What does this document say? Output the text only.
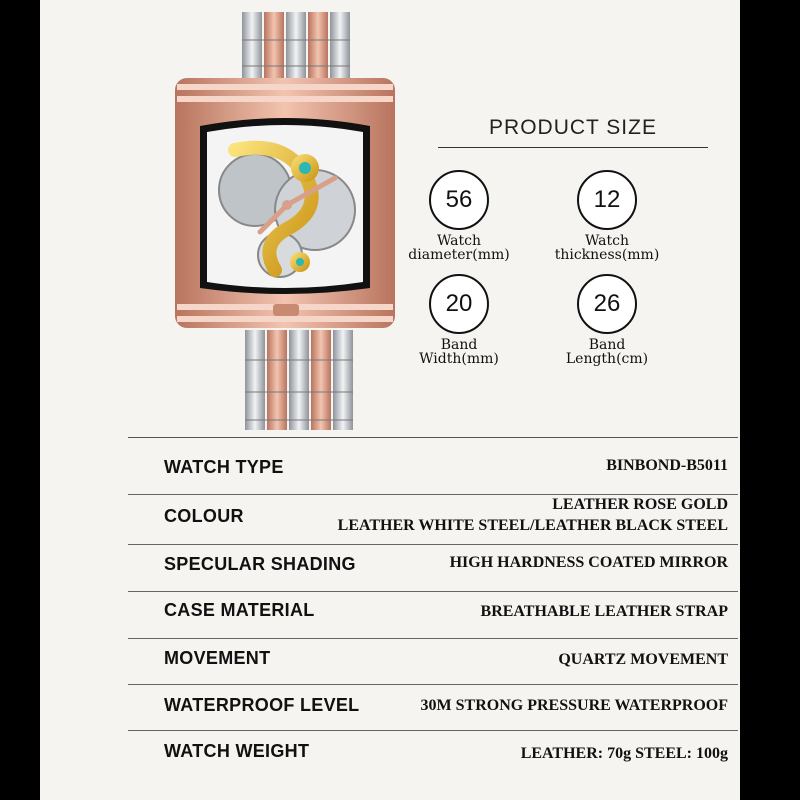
PRODUCT SIZE
56
Watch
diameter(mm)
12
Watch
thickness(mm)
20
Band
Width(mm)
26
Band
Length(cm)
WATCH TYPE	BINBOND-B5011
COLOUR
LEATHER ROSE GOLD
LEATHER WHITE STEEL/LEATHER BLACK STEEL
SPECULAR SHADING	HIGH HARDNESS COATED MIRROR
CASE MATERIAL	BREATHABLE LEATHER STRAP
MOVEMENT	QUARTZ MOVEMENT
WATERPROOF LEVEL	30M STRONG PRESSURE WATERPROOF
WATCH WEIGHT	LEATHER: 70g STEEL: 100g
